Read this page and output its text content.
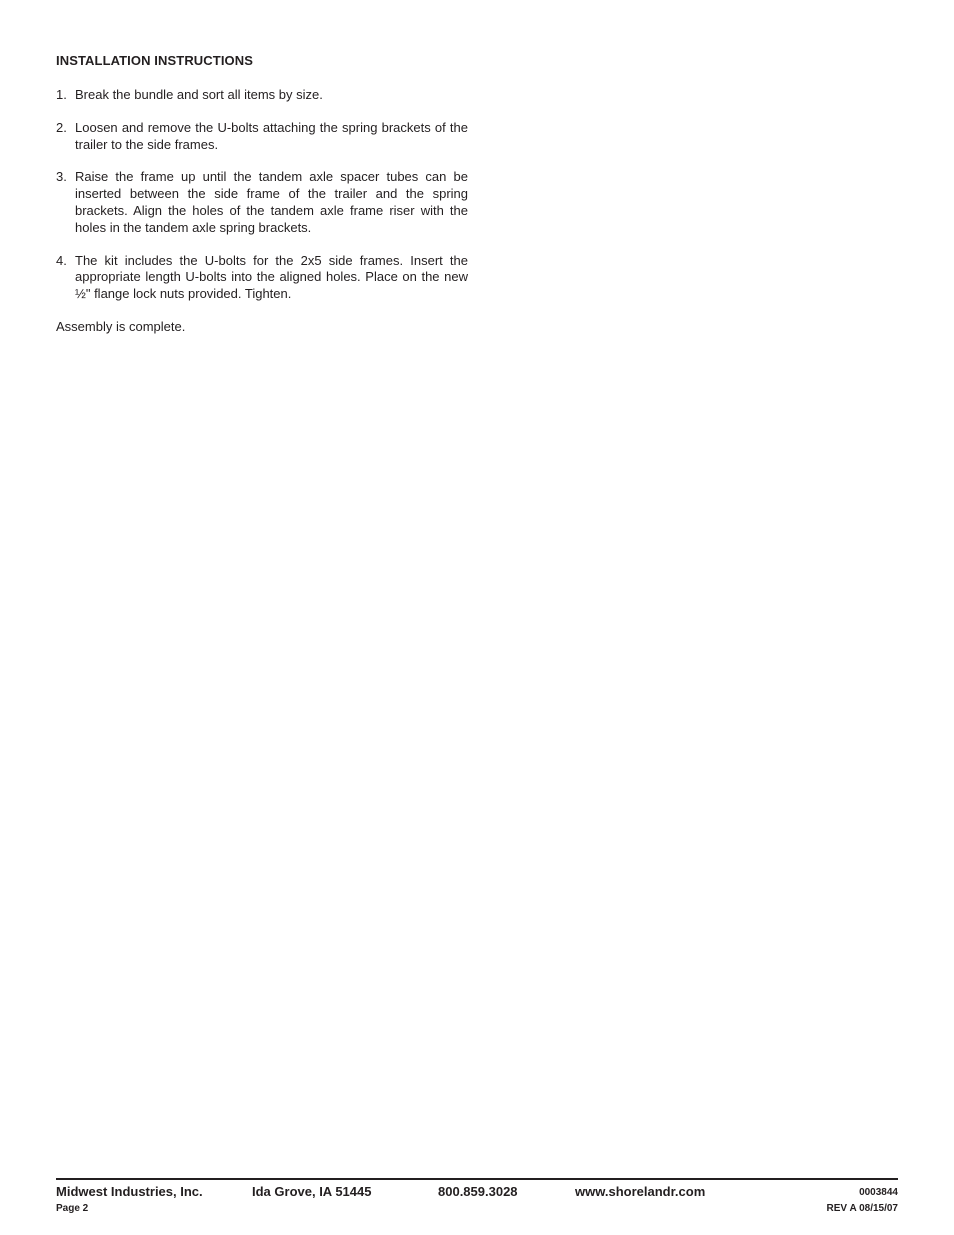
INSTALLATION INSTRUCTIONS
1. Break the bundle and sort all items by size.
2. Loosen and remove the U-bolts attaching the spring brackets of the trailer to the side frames.
3. Raise the frame up until the tandem axle spacer tubes can be inserted between the side frame of the trailer and the spring brackets. Align the holes of the tandem axle frame riser with the holes in the tandem axle spring brackets.
4. The kit includes the U-bolts for the 2x5 side frames. Insert the appropriate length U-bolts into the aligned holes. Place on the new ½" flange lock nuts provided. Tighten.

Assembly is complete.

Midwest Industries, Inc.	Ida Grove, IA 51445	800.859.3028	www.shorelandr.com	0003844
Page 2	REV A 08/15/07
